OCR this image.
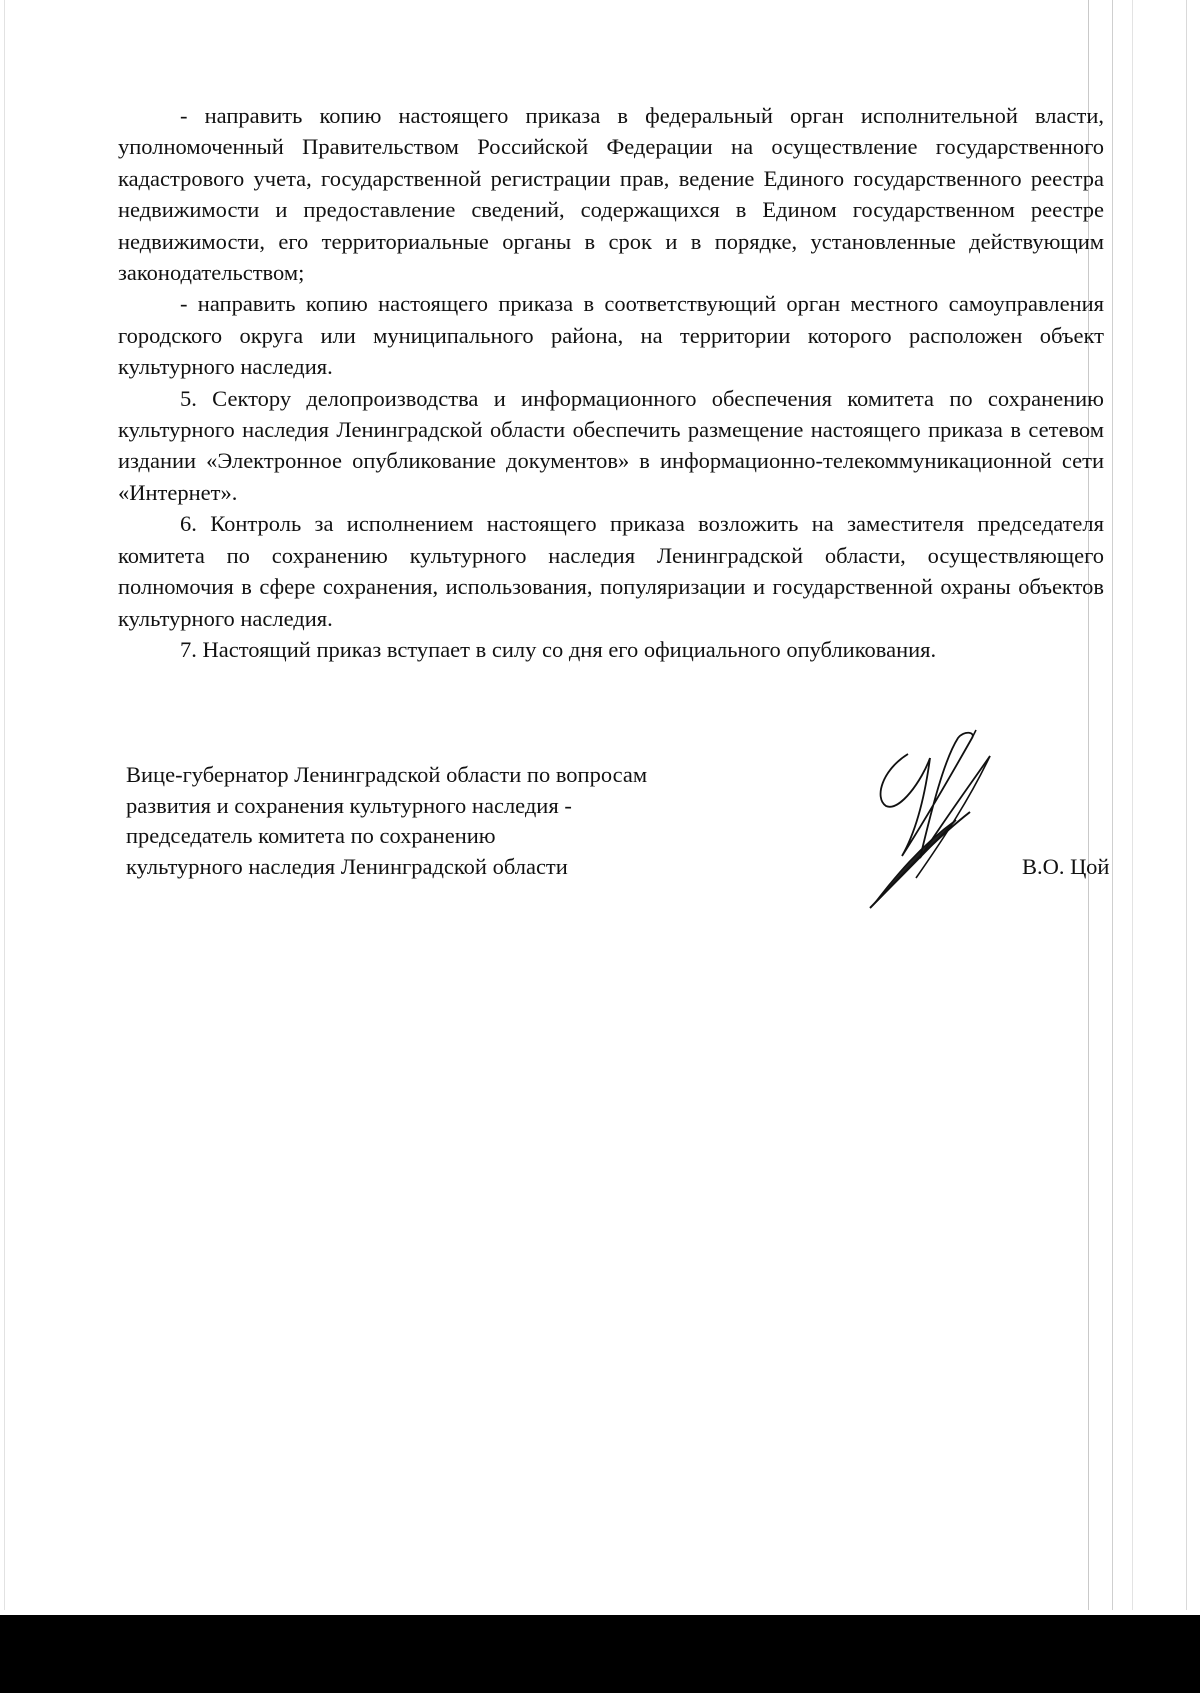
- направить копию настоящего приказа в федеральный орган исполнительной власти, уполномоченный Правительством Российской Федерации на осуществление государственного кадастрового учета, государственной регистрации прав, ведение Единого государственного реестра недвижимости и предоставление сведений, содержащихся в Едином государственном реестре недвижимости, его территориальные органы в срок и в порядке, установленные действующим законодательством;

- направить копию настоящего приказа в соответствующий орган местного самоуправления городского округа или муниципального района, на территории которого расположен объект культурного наследия.

5. Сектору делопроизводства и информационного обеспечения комитета по сохранению культурного наследия Ленинградской области обеспечить размещение настоящего приказа в сетевом издании «Электронное опубликование документов» в информационно-телекоммуникационной сети «Интернет».

6. Контроль за исполнением настоящего приказа возложить на заместителя председателя комитета по сохранению культурного наследия Ленинградской области, осуществляющего полномочия в сфере сохранения, использования, популяризации и государственной охраны объектов культурного наследия.

7. Настоящий приказ вступает в силу со дня его официального опубликования.

Вице-губернатор Ленинградской области по вопросам
развития и сохранения культурного наследия -
председатель комитета по сохранению
культурного наследия Ленинградской области	В.О. Цой
